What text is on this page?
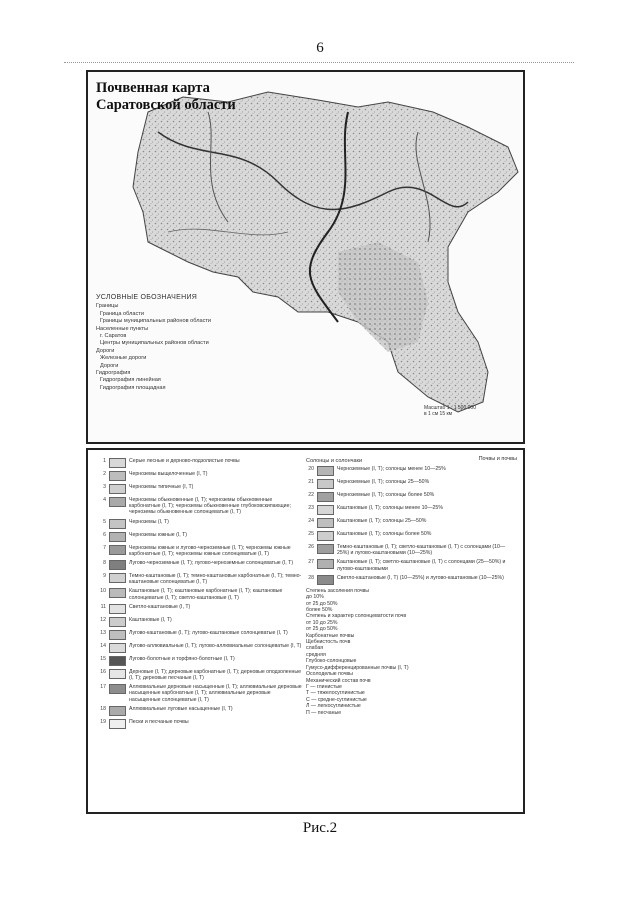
6
Почвенная карта
Саратовской области
УСЛОВНЫЕ ОБОЗНАЧЕНИЯ
Границы
Граница области
Границы муниципальных районов области
Населенные пункты
г. Саратов
Центры муниципальных районов области
Дороги
Железные дороги
Дороги
Гидрография
Гидрография линейная
Гидрография площадная
Масштаб 1 : 1 500 000
в 1 см 15 км
Почвы и почвы
1	Серые лесные и дерново-подзолистые почвы
2	Черноземы выщелоченные (I, Т)
3	Черноземы типичные (I, Т)
4	Черноземы обыкновенные (I, Т); черноземы обыкновенные карбонатные (I, Т); черноземы обыкновенные глубоковскипающие; черноземы обыкновенные солонцеватые (I, Т)
5	Черноземы (I, Т)
6	Черноземы южные (I, Т)
7	Черноземы южные и лугово-черноземные (I, Т); черноземы южные карбонатные (I, Т); черноземы южные солонцеватые (I, Т)
8	Лугово-черноземные (I, Т); лугово-черноземные солонцеватые (I, Т)
9	Темно-каштановые (I, Т); темно-каштановые карбонатные (I, Т); темно-каштановые солонцеватые (I, Т)
10	Каштановые (I, Т); каштановые карбонатные (I, Т); каштановые солонцеватые (I, Т); светло-каштановые (I, Т)
11	Светло-каштановые (I, Т)
12	Каштановые (I, Т)
13	Лугово-каштановые (I, Т); лугово-каштановые солонцеватые (I, Т)
14	Лугово-аллювиальные (I, Т); лугово-аллювиальные солонцеватые (I, Т)
15	Лугово-болотные и торфяно-болотные (I, Т)
16	Дерновые (I, Т); дерновые карбонатные (I, Т); дерновые оподзоленные (I, Т); дерновые песчаные (I, Т)
17	Аллювиальные дерновые насыщенные (I, Т); аллювиальные дерновые насыщенные карбонатные (I, Т); аллювиальные дерновые насыщенные солонцеватые (I, Т)
18	Аллювиальные луговые насыщенные (I, Т)
19	Пески и песчаные почвы
Солонцы и солончаки
20	Черноземные (I, Т); солонцы менее 10—25%
21	Черноземные (I, Т); солонцы 25—50%
22	Черноземные (I, Т); солонцы более 50%
23	Каштановые (I, Т); солонцы менее 10—25%
24	Каштановые (I, Т); солонцы 25—50%
25	Каштановые (I, Т); солонцы более 50%
26	Темно-каштановые (I, Т); светло-каштановые (I, Т) с солонцами (10—25%) и лугово-каштановыми (10—25%)
27	Каштановые (I, Т); светло-каштановые (I, Т) с солонцами (25—50%) и лугово-каштановыми
28	Светло-каштановые (I, Т) (10—25%) и лугово-каштановые (10—25%)
Степень засоления почвы
до 10%
от 25 до 50%
более 50%
Степень и характер солонцеватости почв
от 10 до 25%
от 25 до 50%
Карбонатные почвы
Щебнистость почв
слабая
средняя
Глубоко-солонцовые
Гумусо-дифференцированные почвы (I, Т)
Осолоделые почвы
Механический состав почв
Г — глинистые
Т — тяжелосуглинистые
С — средне-суглинистые
Л — легкосуглинистые
П — песчаные
Рис.2
